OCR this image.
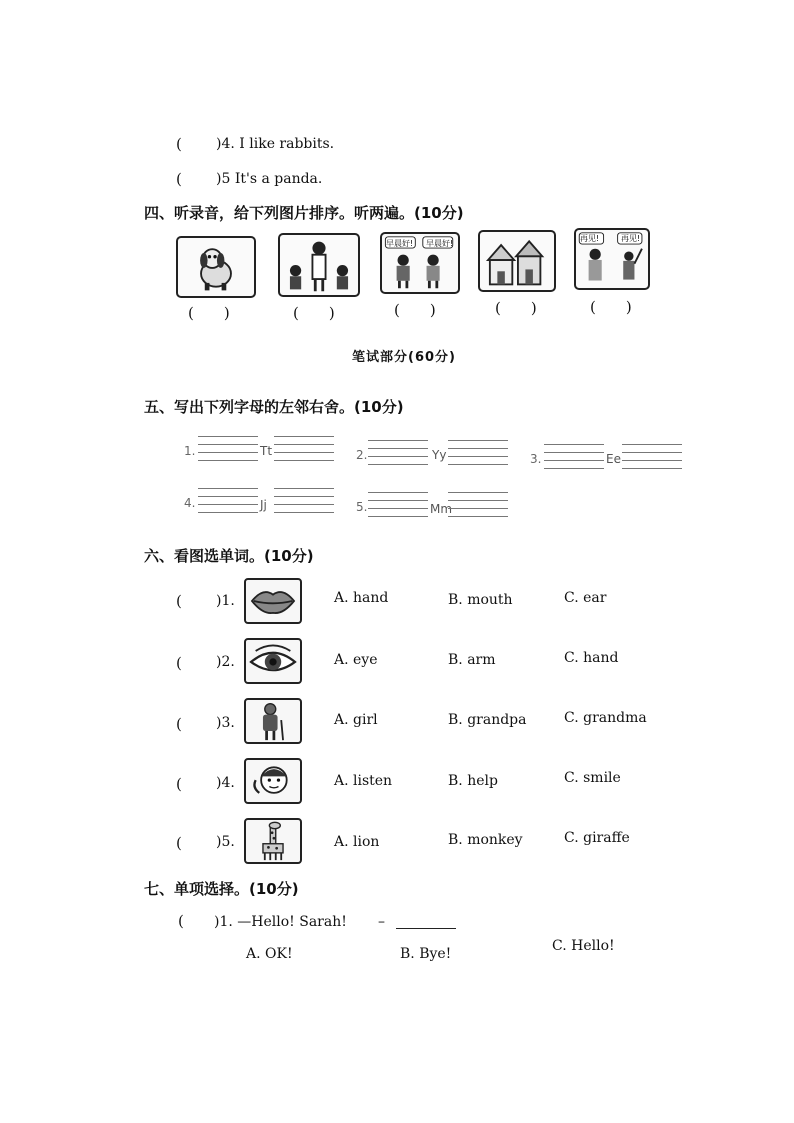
( )4. I like rabbits.
( )5 It's a panda.
四、听录音，给下列图片排序。听两遍。(10分)
早晨好! 早晨好!
再见!	再见!
(　　)	(　　)	(　　)	(　　)	(　　)
笔试部分(60分)
五、写出下列字母的左邻右舍。(10分)
1.	Tt	2.	Yy	3.	Ee
4.	Jj	5.	Mm
六、看图选单词。(10分)
( )1.	A. hand	B. mouth	C. ear
( )2.	A. eye	B. arm	C. hand
( )3.	A. girl	B. grandpa	C. grandma
( )4.	A. listen	B. help	C. smile
( )5.	A. lion	B. monkey	C. giraffe
七、单项选择。(10分)
( )1. —Hello! Sarah! –
A. OK!	B. Bye!	C. Hello!
